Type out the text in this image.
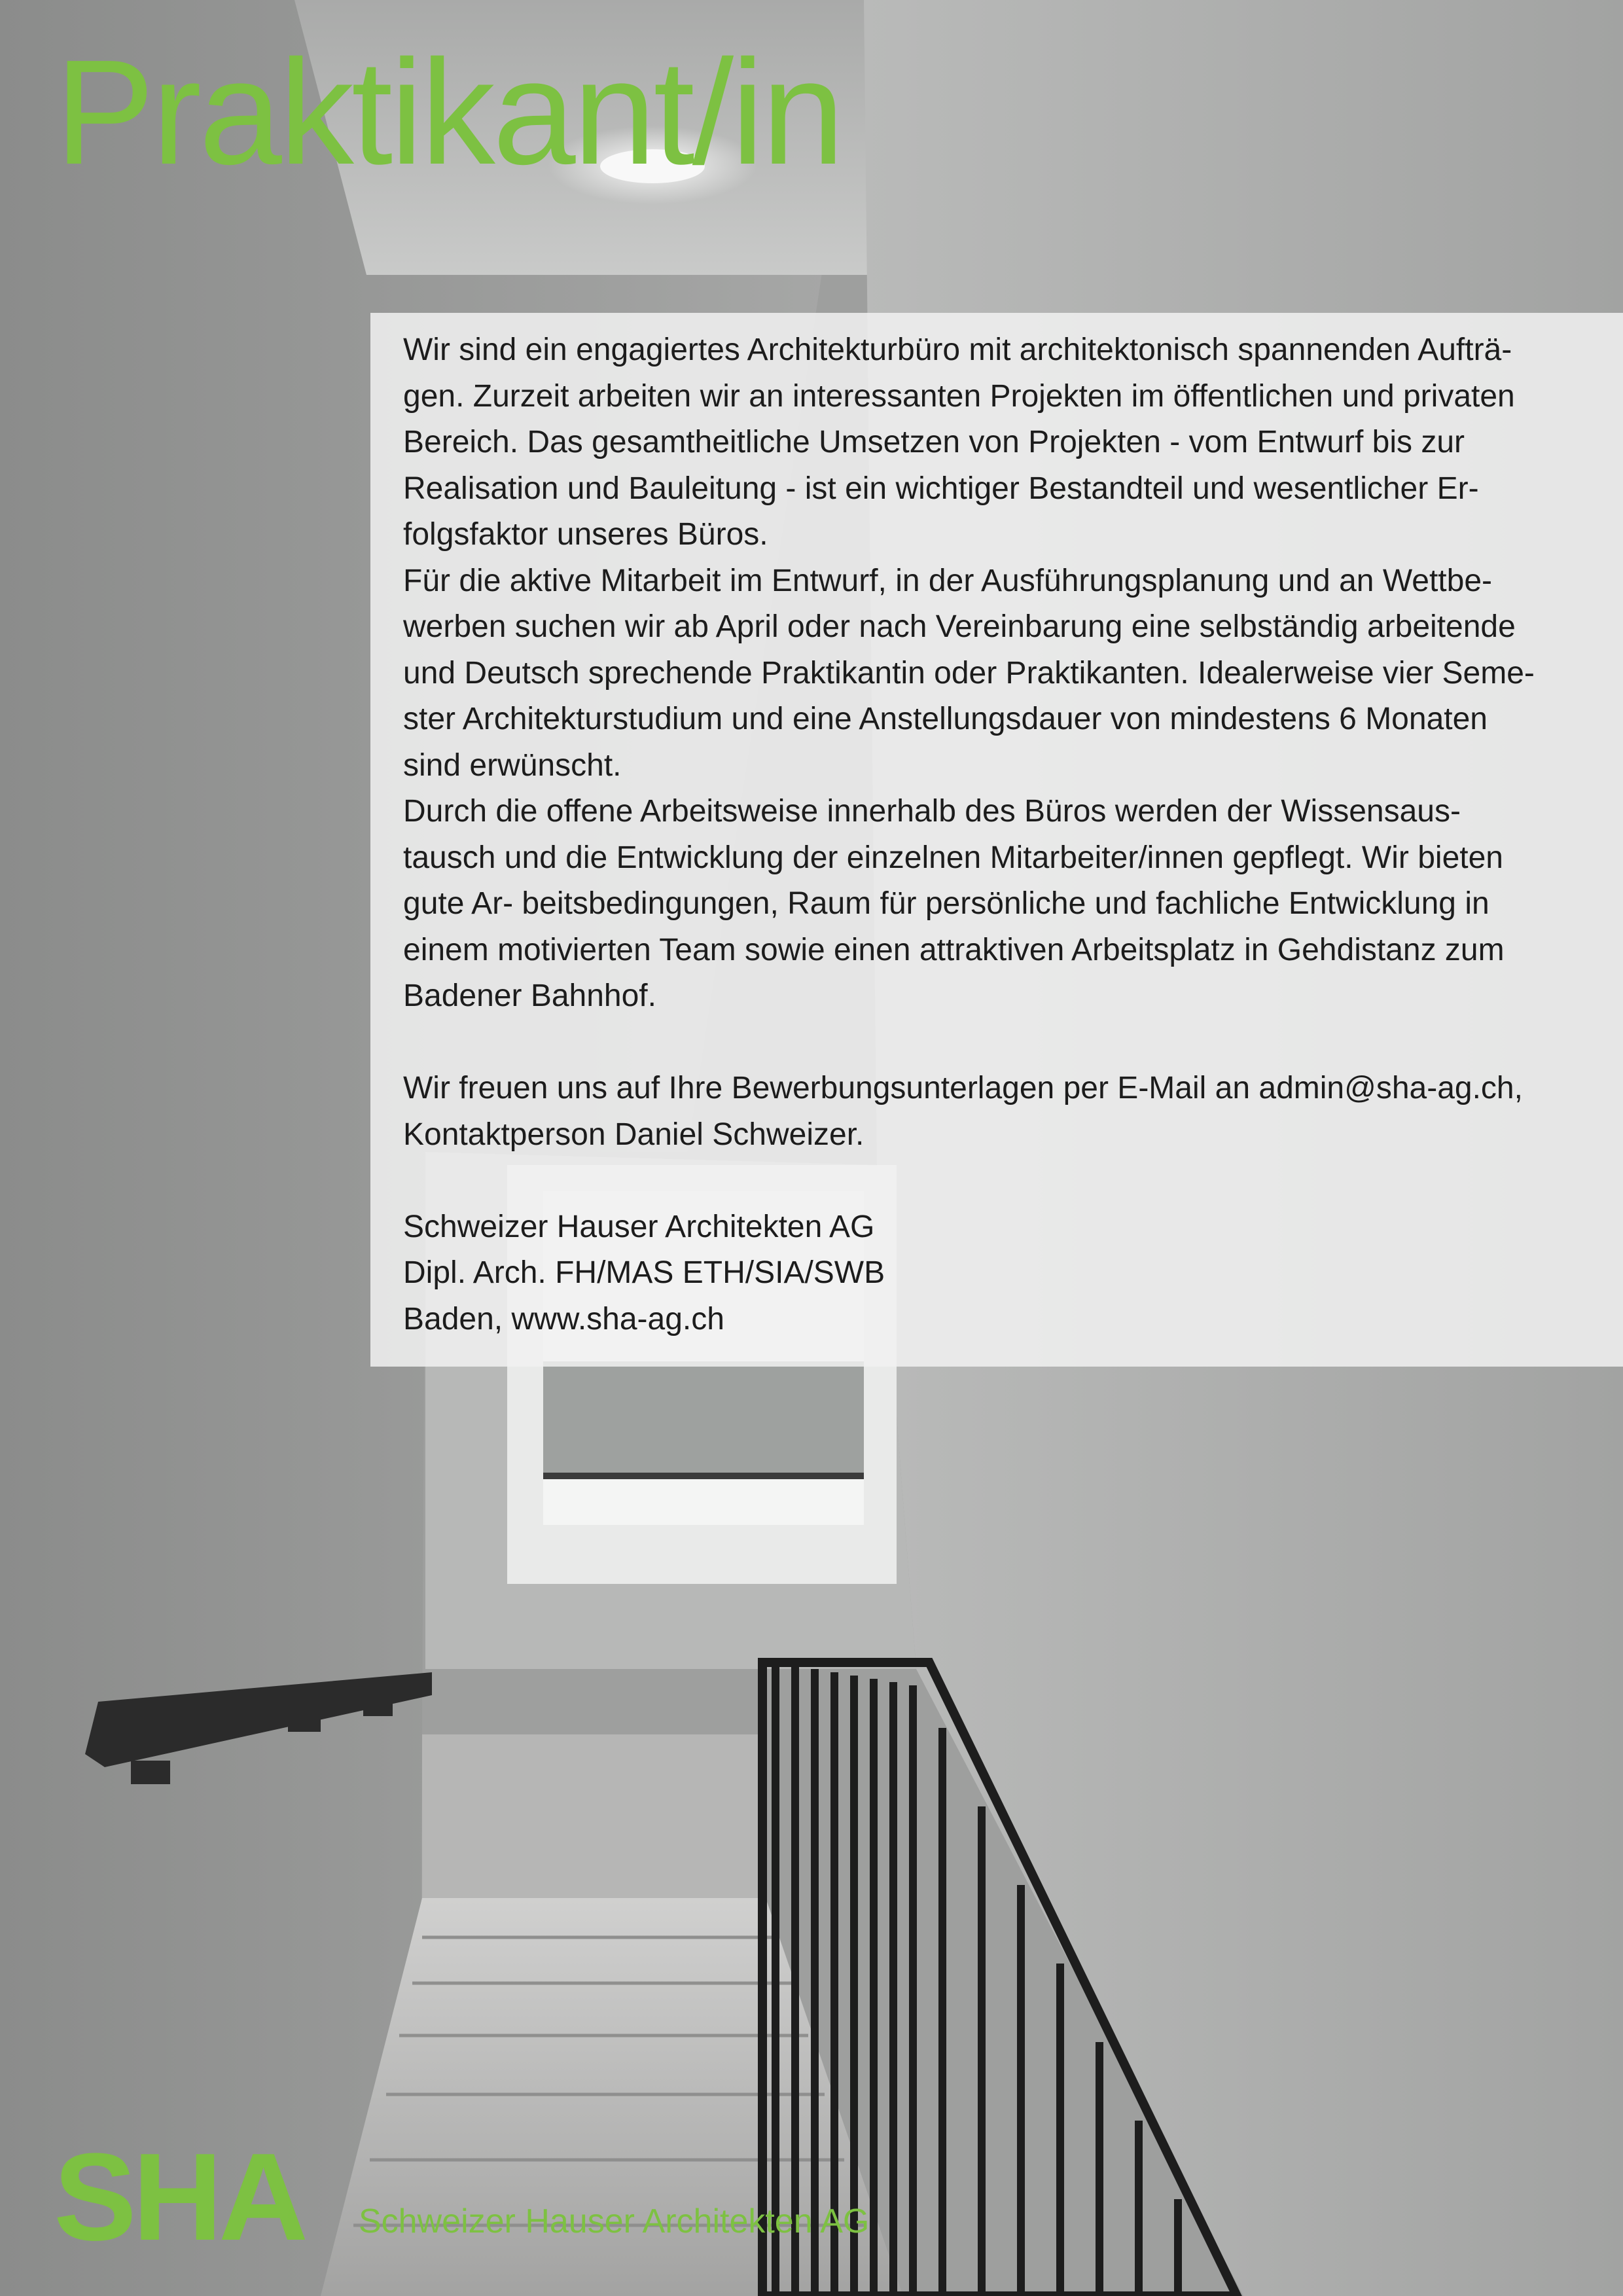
Praktikant/in

Wir sind ein engagiertes Architekturbüro mit architektonisch spannenden Aufträ-

gen. Zurzeit arbeiten wir an interessanten Projekten im öffentlichen und privaten

Bereich. Das gesamtheitliche Umsetzen von Projekten - vom Entwurf bis zur

Realisation und Bauleitung - ist ein wichtiger Bestandteil und wesentlicher Er-

folgsfaktor unseres Büros.

Für die aktive Mitarbeit im Entwurf, in der Ausführungsplanung und an Wettbe-

werben suchen wir ab April oder nach Vereinbarung eine selbständig arbeitende

und Deutsch sprechende Praktikantin oder Praktikanten. Idealerweise vier Seme-

ster Architekturstudium und eine Anstellungsdauer von mindestens 6 Monaten

sind erwünscht.

Durch die offene Arbeitsweise innerhalb des Büros werden der Wissensaus-

tausch und die Entwicklung der einzelnen Mitarbeiter/innen gepflegt. Wir bieten

gute Ar- beitsbedingungen, Raum für persönliche und fachliche Entwicklung in

einem motivierten Team sowie einen attraktiven Arbeitsplatz in Gehdistanz zum

Badener Bahnhof.

Wir freuen uns auf Ihre Bewerbungsunterlagen per E-Mail an admin@sha-ag.ch,

Kontaktperson Daniel Schweizer.

Schweizer Hauser Architekten AG

Dipl. Arch. FH/MAS ETH/SIA/SWB

Baden, www.sha-ag.ch

SHA Schweizer Hauser Architekten AG
